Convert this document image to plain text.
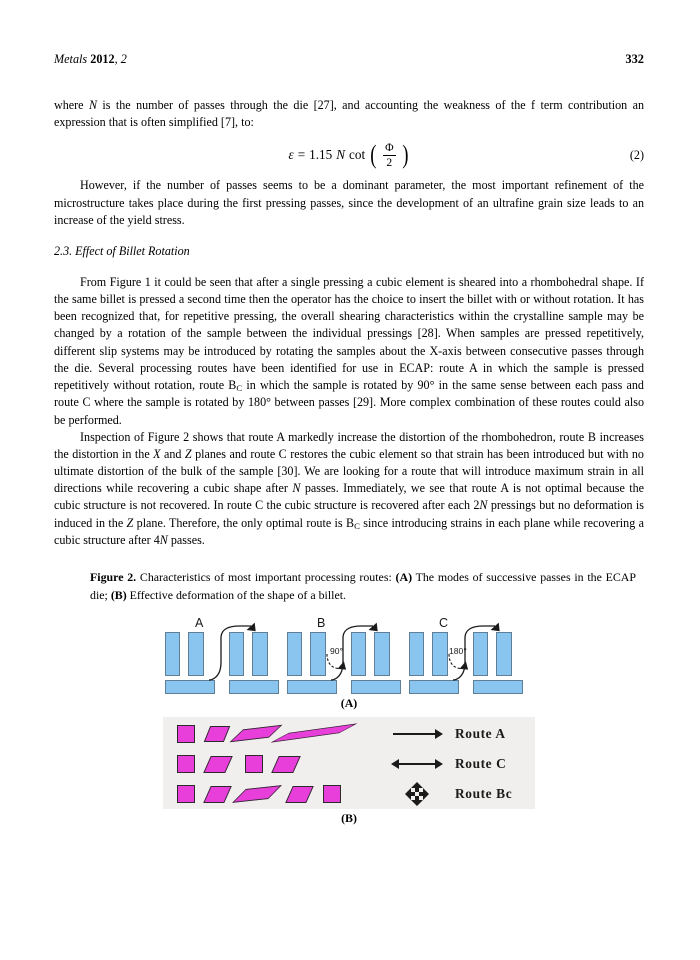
Metals 2012, 2	332

where N is the number of passes through the die [27], and accounting the weakness of the f term contribution an expression that is often simplified [7], to:

ε = 1.15 N cot ( $\frac{\Phi}{2}$ )	(2)

However, if the number of passes seems to be a dominant parameter, the most important refinement of the microstructure takes place during the first pressing passes, since the development of an ultrafine grain size leads to an increase of the yield stress.

2.3. Effect of Billet Rotation

From Figure 1 it could be seen that after a single pressing a cubic element is sheared into a rhombohedral shape. If the same billet is pressed a second time then the operator has the choice to insert the billet with or without rotation. It has been recognized that, for repetitive pressing, the overall shearing characteristics within the crystalline sample may be changed by a rotation of the sample between the individual pressings [28]. When samples are pressed repetitively, different slip systems may be introduced by rotating the samples about the X-axis between consecutive passes through the die. Several processing routes have been identified for use in ECAP: route A in which the sample is pressed repetitively without rotation, route $B_C$ in which the sample is rotated by 90° in the same sense between each pass and route C where the sample is rotated by 180° between passes [29]. More complex combination of these routes could also be performed.

Inspection of Figure 2 shows that route A markedly increase the distortion of the rhombohedron, route B increases the distortion in the X and Z planes and route C restores the cubic element so that strain has been introduced but with no ultimate distortion of the bulk of the sample [30]. We are looking for a route that will introduce maximum strain in all directions while recovering a cubic shape after N passes. Immediately, we see that route A is not optimal because the cubic structure is not recovered. In route C the cubic structure is recovered after each 2N pressings but no deformation is induced in the Z plane. Therefore, the only optimal route is $B_C$ since introducing strains in each plane while recovering a cubic structure after 4N passes.

Figure 2. Characteristics of most important processing routes: (A) The modes of successive passes in the ECAP die; (B) Effective deformation of the shape of a billet.

A	B
90°
C
180°
(A)
Route A
Route C
Route Bc
(B)
